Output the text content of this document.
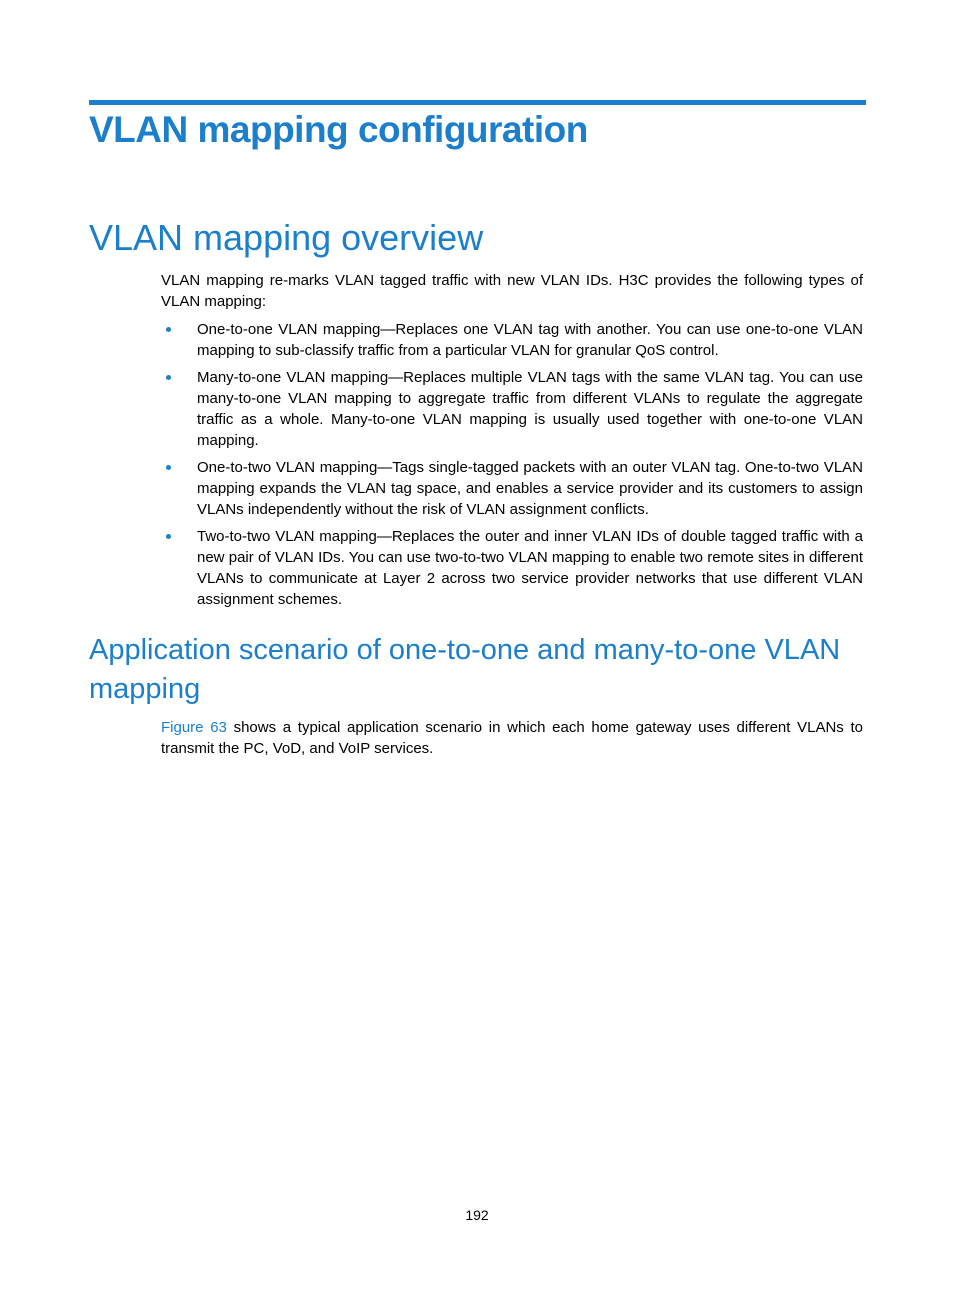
VLAN mapping configuration
VLAN mapping overview

VLAN mapping re-marks VLAN tagged traffic with new VLAN IDs. H3C provides the following types of VLAN mapping:

One-to-one VLAN mapping—Replaces one VLAN tag with another. You can use one-to-one VLAN mapping to sub-classify traffic from a particular VLAN for granular QoS control.
Many-to-one VLAN mapping—Replaces multiple VLAN tags with the same VLAN tag. You can use many-to-one VLAN mapping to aggregate traffic from different VLANs to regulate the aggregate traffic as a whole. Many-to-one VLAN mapping is usually used together with one-to-one VLAN mapping.
One-to-two VLAN mapping—Tags single-tagged packets with an outer VLAN tag. One-to-two VLAN mapping expands the VLAN tag space, and enables a service provider and its customers to assign VLANs independently without the risk of VLAN assignment conflicts.
Two-to-two VLAN mapping—Replaces the outer and inner VLAN IDs of double tagged traffic with a new pair of VLAN IDs. You can use two-to-two VLAN mapping to enable two remote sites in different VLANs to communicate at Layer 2 across two service provider networks that use different VLAN assignment schemes.
Application scenario of one-to-one and many-to-one VLAN mapping

Figure 63 shows a typical application scenario in which each home gateway uses different VLANs to transmit the PC, VoD, and VoIP services.

192
